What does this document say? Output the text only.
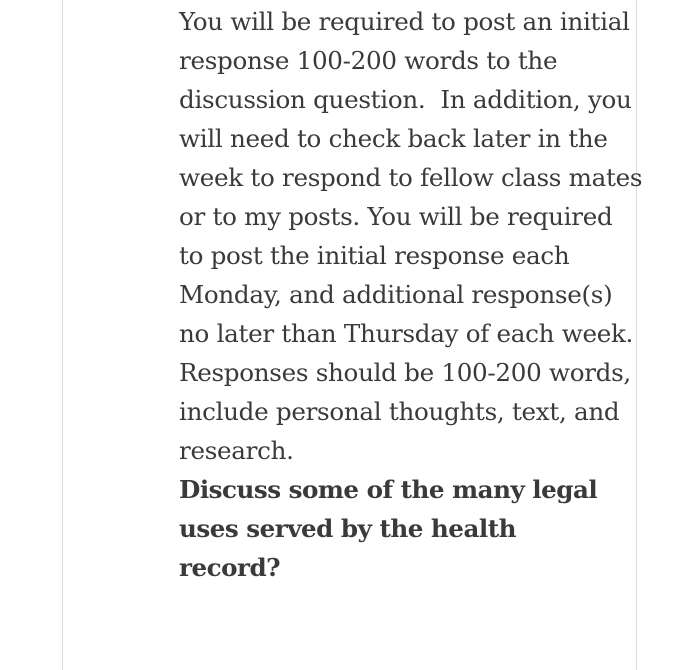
You will be required to post an initial
response 100-200 words to the
discussion question.  In addition, you
will need to check back later in the
week to respond to fellow class mates
or to my posts. You will be required
to post the initial response each
Monday, and additional response(s)
no later than Thursday of each week.
Responses should be 100-200 words,
include personal thoughts, text, and
research.
Discuss some of the many legal
uses served by the health
record?
